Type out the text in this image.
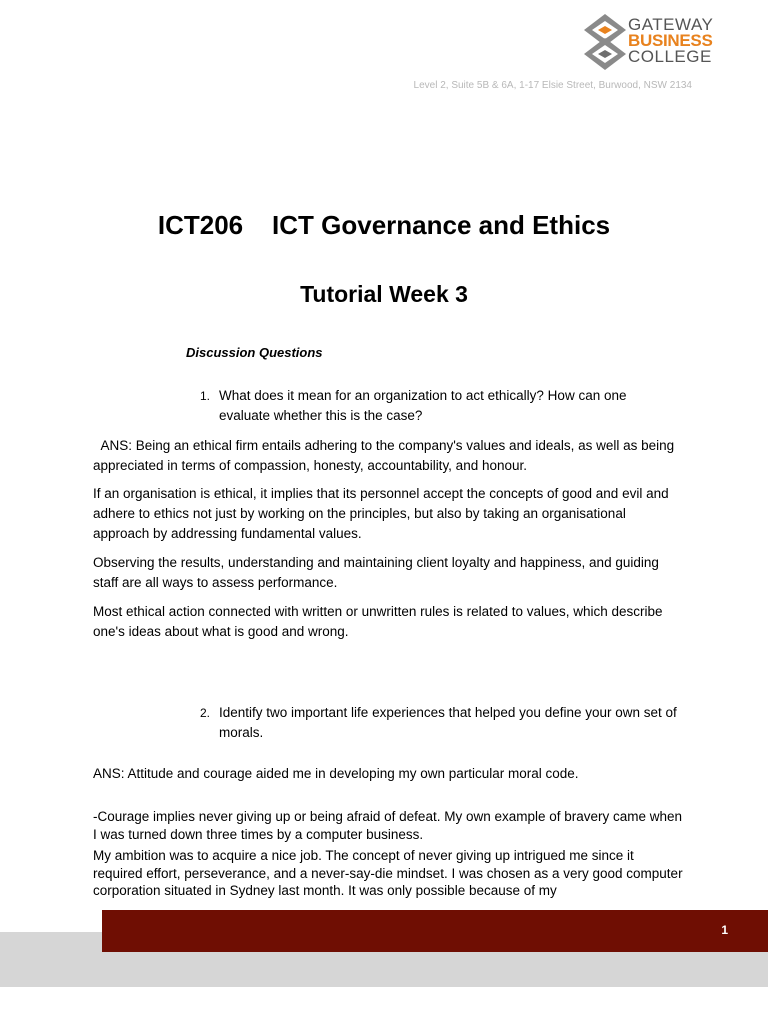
GATEWAY
BUSINESS
COLLEGE
Level 2, Suite 5B & 6A, 1-17 Elsie Street, Burwood, NSW 2134
ICT206    ICT Governance and Ethics
Tutorial Week 3
Discussion Questions
1. What does it mean for an organization to act ethically? How can one evaluate whether this is the case?
ANS: Being an ethical firm entails adhering to the company's values and ideals, as well as being appreciated in terms of compassion, honesty, accountability, and honour.
If an organisation is ethical, it implies that its personnel accept the concepts of good and evil and adhere to ethics not just by working on the principles, but also by taking an organisational approach by addressing fundamental values.
Observing the results, understanding and maintaining client loyalty and happiness, and guiding staff are all ways to assess performance.
Most ethical action connected with written or unwritten rules is related to values, which describe one's ideas about what is good and wrong.
2. Identify two important life experiences that helped you define your own set of morals.
ANS: Attitude and courage aided me in developing my own particular moral code.
-Courage implies never giving up or being afraid of defeat. My own example of bravery came when I was turned down three times by a computer business.
My ambition was to acquire a nice job. The concept of never giving up intrigued me since it required effort, perseverance, and a never-say-die mindset. I was chosen as a very good computer corporation situated in Sydney last month. It was only possible because of my
1
